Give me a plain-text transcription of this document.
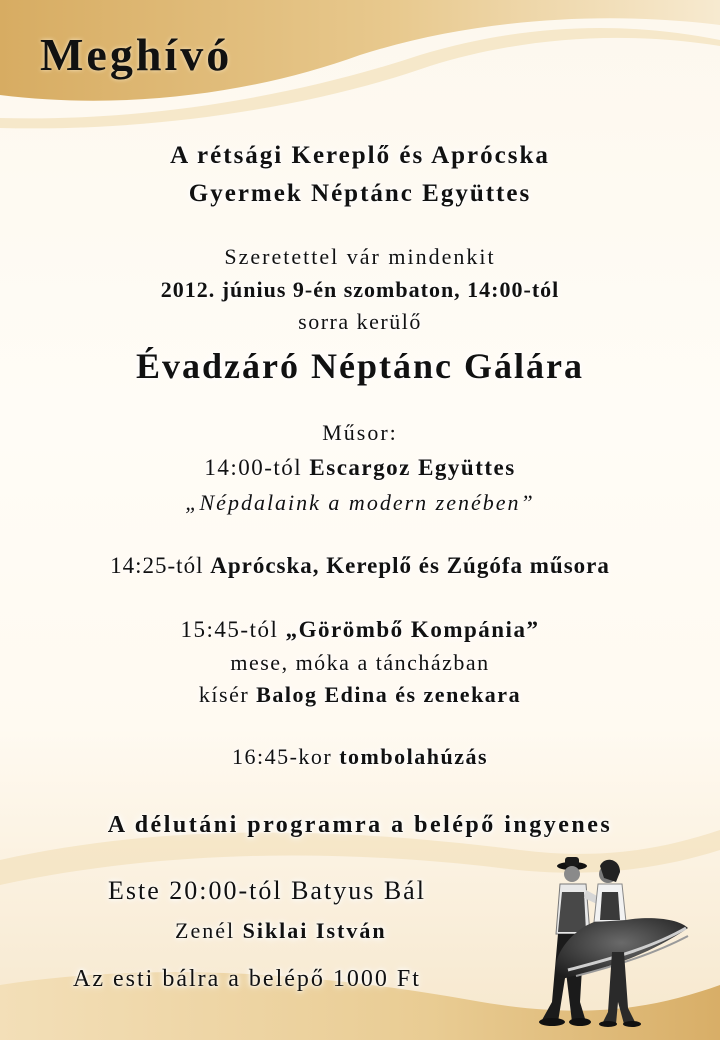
Meghívó
A rétsági Kereplő és Aprócska
Gyermek Néptánc Együttes
Szeretettel vár mindenkit
2012. június 9-én szombaton, 14:00-tól
sorra kerülő
Évadzáró Néptánc Gálára
Műsor:
14:00-tól Escargoz Együttes
„Népdalaink a modern zenében”
14:25-tól Aprócska, Kereplő és Zúgófa műsora
15:45-tól „Görömbő Kompánia”
mese, móka a táncházban
kísér Balog Edina és zenekara
16:45-kor tombolahúzás
A délutáni programra a belépő ingyenes
Este 20:00-tól Batyus Bál
Zenél Siklai István
Az esti bálra a belépő 1000 Ft
